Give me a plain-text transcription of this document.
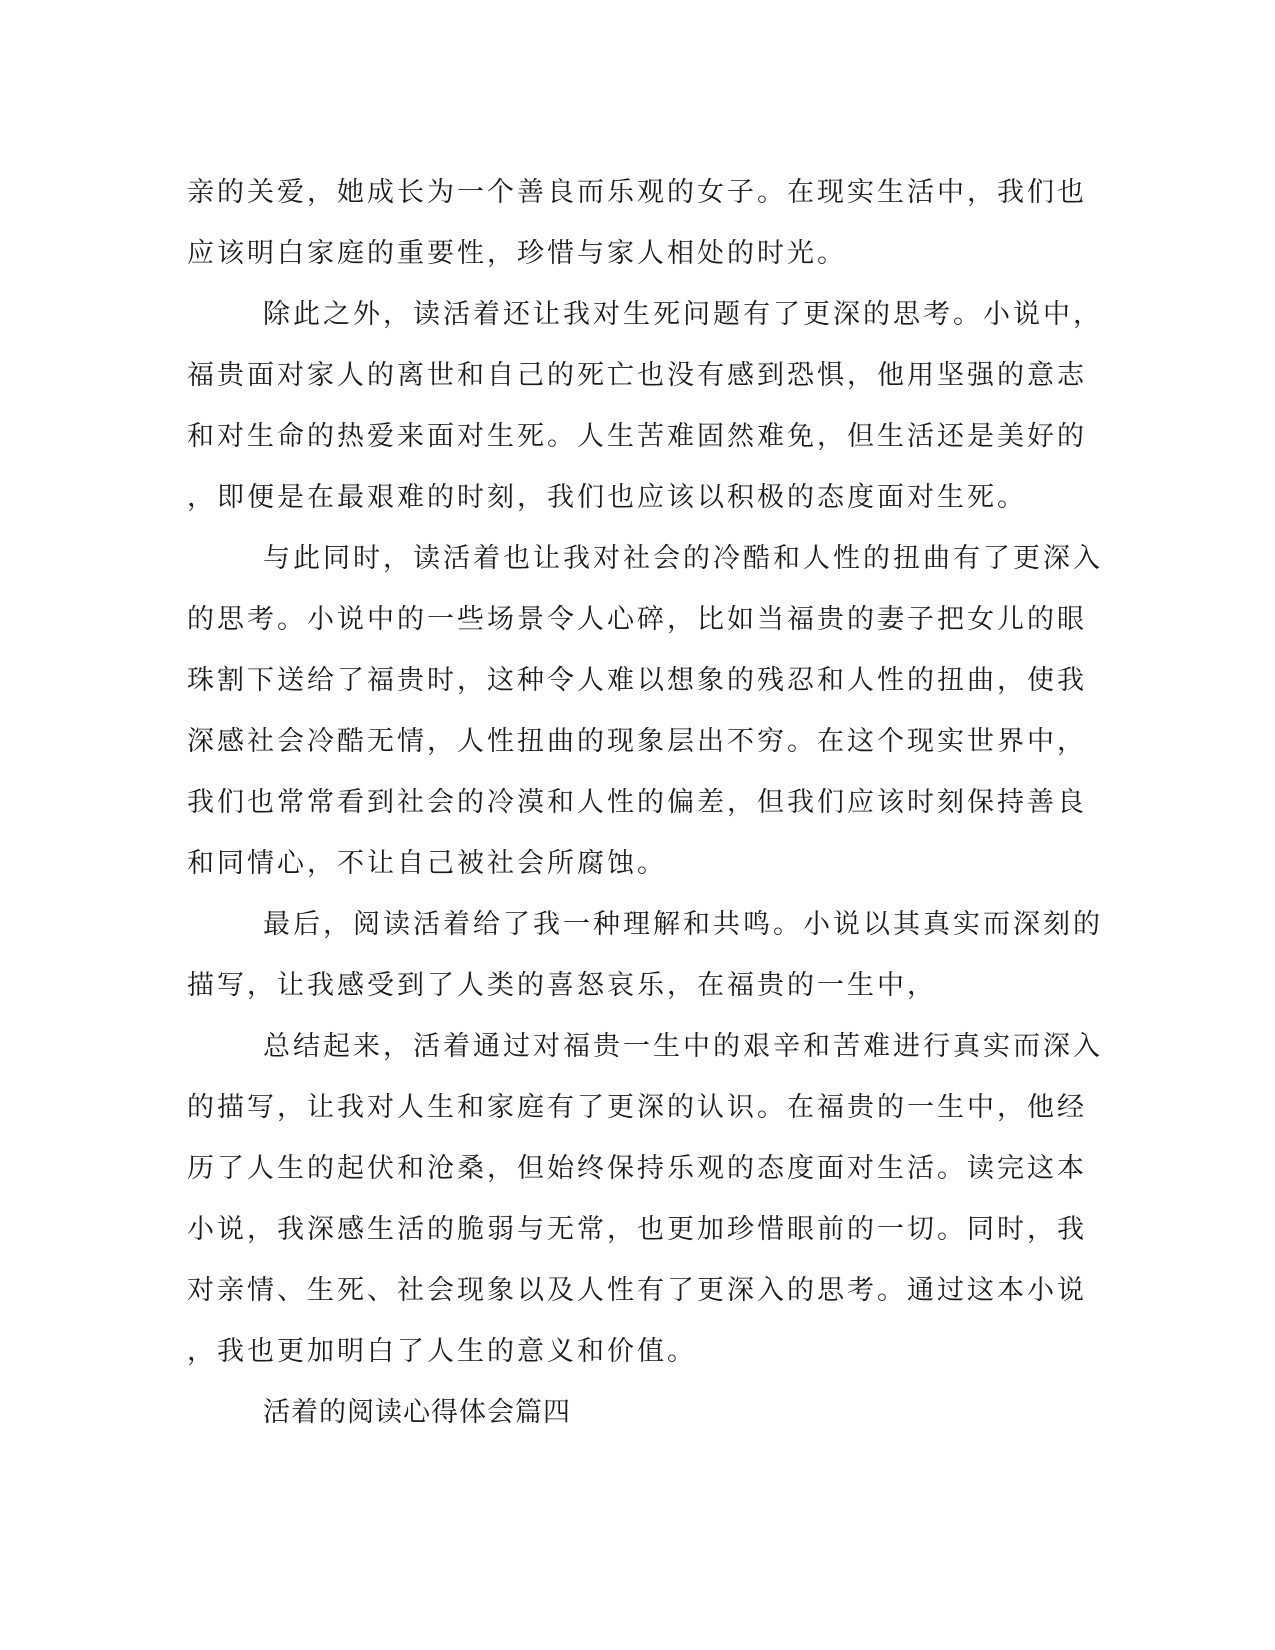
亲的关爱，她成长为一个善良而乐观的女子。在现实生活中，我们也
应该明白家庭的重要性，珍惜与家人相处的时光。
除此之外，读活着还让我对生死问题有了更深的思考。小说中，
福贵面对家人的离世和自己的死亡也没有感到恐惧，他用坚强的意志
和对生命的热爱来面对生死。人生苦难固然难免，但生活还是美好的
，即便是在最艰难的时刻，我们也应该以积极的态度面对生死。
与此同时，读活着也让我对社会的冷酷和人性的扭曲有了更深入
的思考。小说中的一些场景令人心碎，比如当福贵的妻子把女儿的眼
珠割下送给了福贵时，这种令人难以想象的残忍和人性的扭曲，使我
深感社会冷酷无情，人性扭曲的现象层出不穷。在这个现实世界中，
我们也常常看到社会的冷漠和人性的偏差，但我们应该时刻保持善良
和同情心，不让自己被社会所腐蚀。
最后，阅读活着给了我一种理解和共鸣。小说以其真实而深刻的
描写，让我感受到了人类的喜怒哀乐，在福贵的一生中，
总结起来，活着通过对福贵一生中的艰辛和苦难进行真实而深入
的描写，让我对人生和家庭有了更深的认识。在福贵的一生中，他经
历了人生的起伏和沧桑，但始终保持乐观的态度面对生活。读完这本
小说，我深感生活的脆弱与无常，也更加珍惜眼前的一切。同时，我
对亲情、生死、社会现象以及人性有了更深入的思考。通过这本小说
，我也更加明白了人生的意义和价值。
活着的阅读心得体会篇四
